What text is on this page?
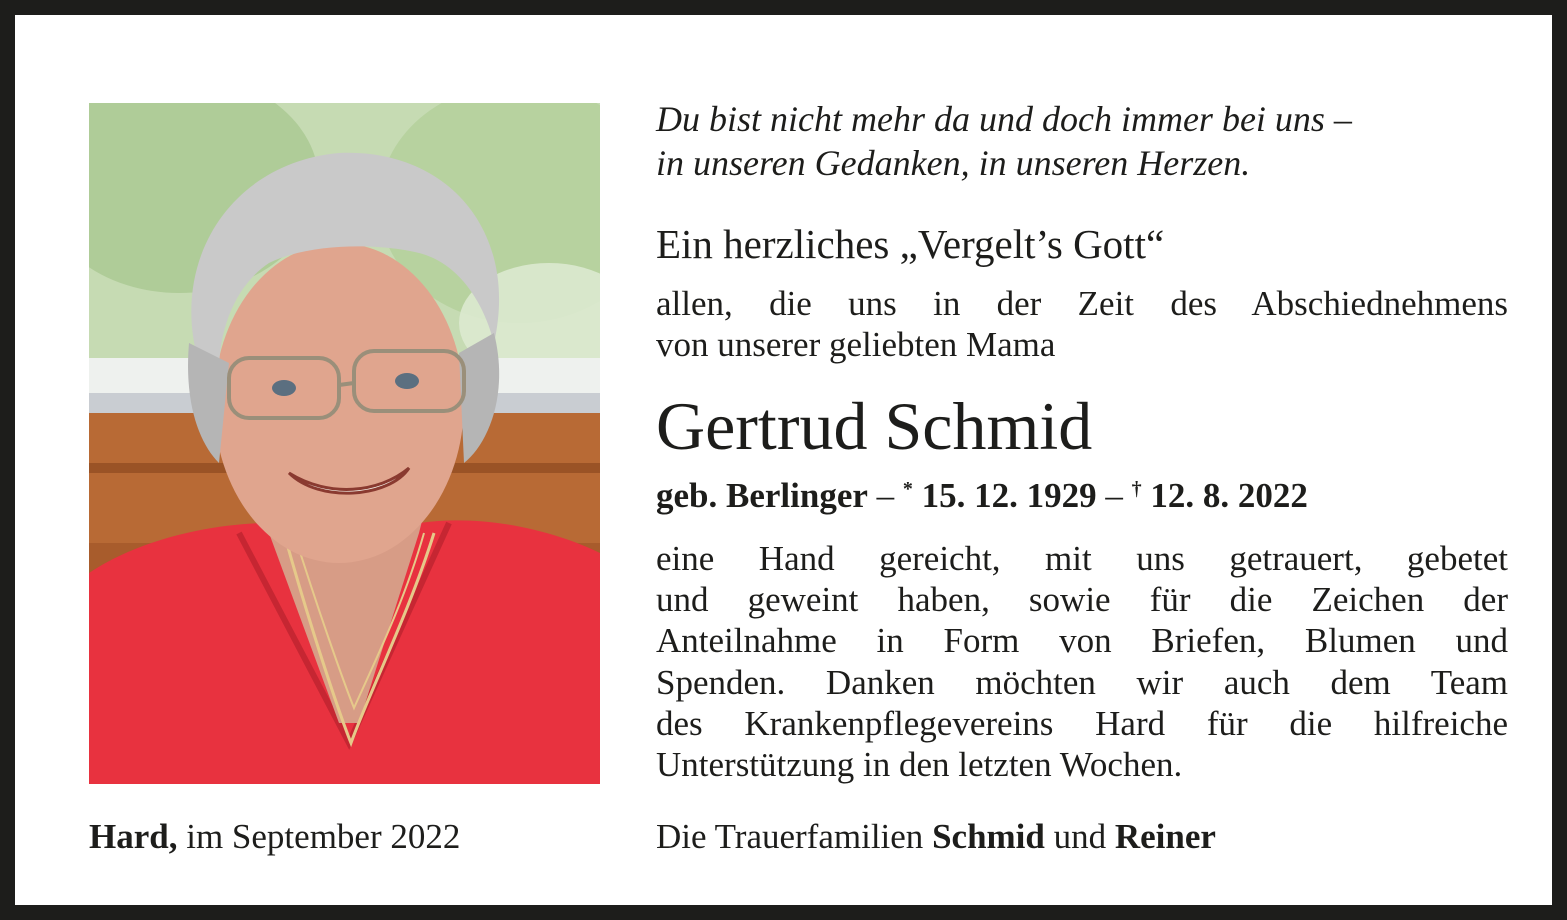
Du bist nicht mehr da und doch immer bei uns –
in unseren Gedanken, in unseren Herzen.
Ein herzliches „Vergelt’s Gott“
allen, die uns in der Zeit des Abschiednehmens
von unserer geliebten Mama
Gertrud Schmid
geb. Berlinger – * 15. 12. 1929 – † 12. 8. 2022
eine Hand gereicht, mit uns getrauert, gebetet
und geweint haben, sowie für die Zeichen der
Anteilnahme in Form von Briefen, Blumen und
Spenden. Danken möchten wir auch dem Team
des Krankenpflegevereins Hard für die hilfreiche
Unterstützung in den letzten Wochen.
Hard, im September 2022	Die Trauerfamilien Schmid und Reiner
